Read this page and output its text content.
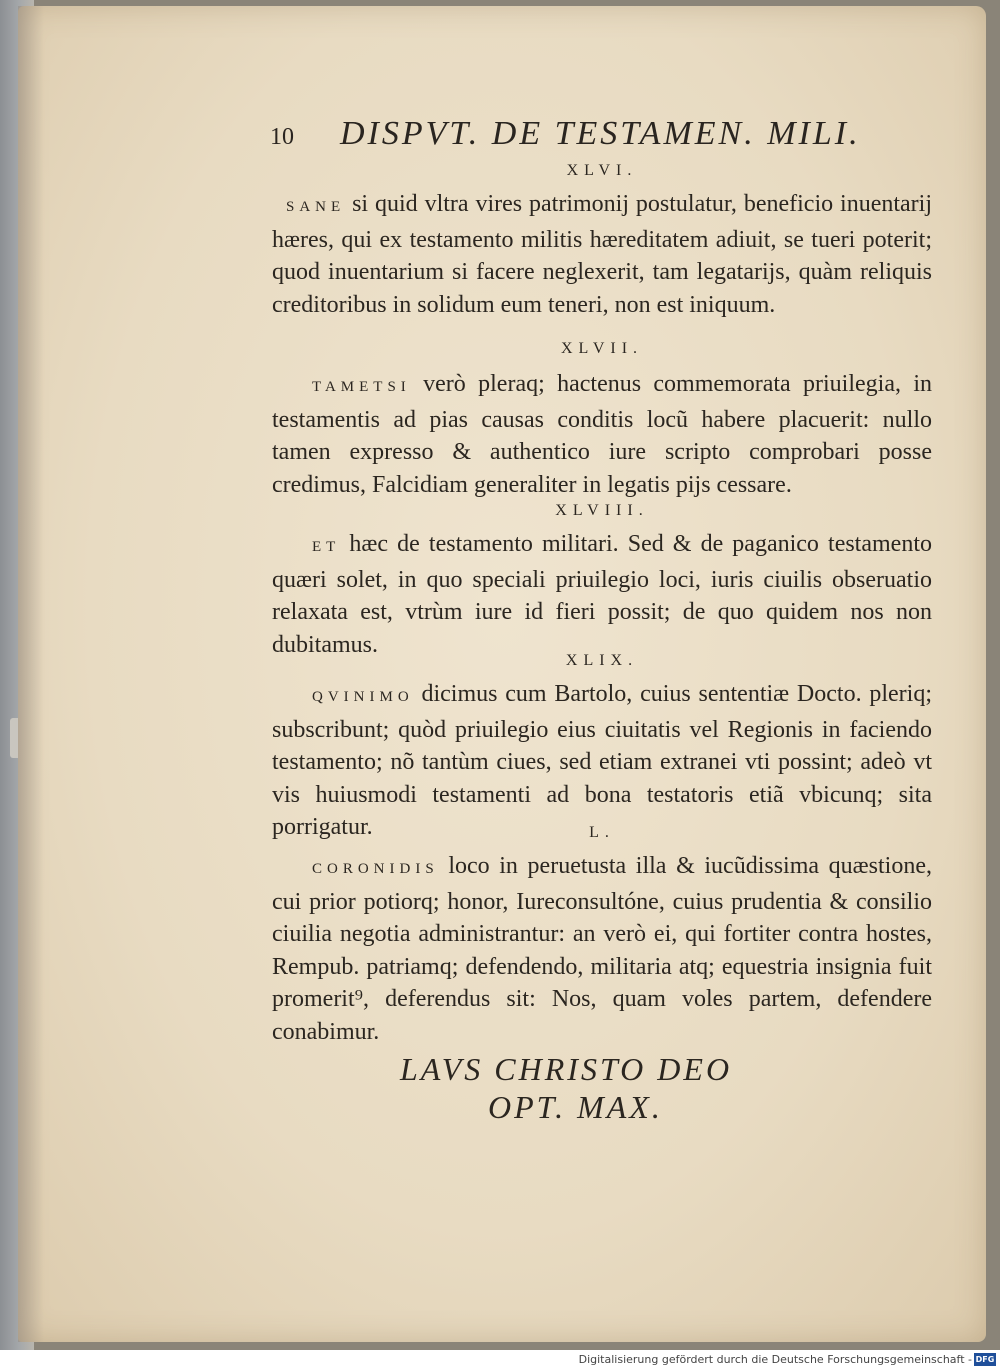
10	DISPVT. DE TESTAMEN. MILI.
XLVI.

SANE si quid vltra vires patrimonij postulatur, beneficio inuentarij hæres, qui ex testamento militis hæreditatem adiuit, se tueri poterit; quod inuentarium si facere neglexerit, tam legatarijs, quàm reliquis creditoribus in solidum eum teneri, non est iniquum.

XLVII.

TAMETSI verò pleraq; hactenus commemorata priuilegia, in testamentis ad pias causas conditis locũ habere placuerit: nullo tamen expresso & authentico iure scripto comprobari posse credimus, Falcidiam generaliter in legatis pijs cessare.

XLVIII.

ET hæc de testamento militari. Sed & de paganico testamento quæri solet, in quo speciali priuilegio loci, iuris ciuilis obseruatio relaxata est, vtrùm iure id fieri possit; de quo quidem nos non dubitamus.

XLIX.

QVINIMO dicimus cum Bartolo, cuius sententiæ Docto. pleriq; subscribunt; quòd priuilegio eius ciuitatis vel Regionis in faciendo testamento; nõ tantùm ciues, sed etiam extranei vti possint; adeò vt vis huiusmodi testamenti ad bona testatoris etiã vbicunq; sita porrigatur.	L.

CORONIDIS loco in peruetusta illa & iucũdissima quæstione, cui prior potiorq; honor, Iureconsultóne, cuius prudentia & consilio ciuilia negotia administrantur: an verò ei, qui fortiter contra hostes, Rempub. patriamq; defendendo, militaria atq; equestria insignia fuit promerit⁹, deferendus sit: Nos, quam voles partem, defendere conabimur.

LAVS CHRISTO DEO
OPT. MAX.
Digitalisierung gefördert durch die Deutsche Forschungsgemeinschaft - DFG
